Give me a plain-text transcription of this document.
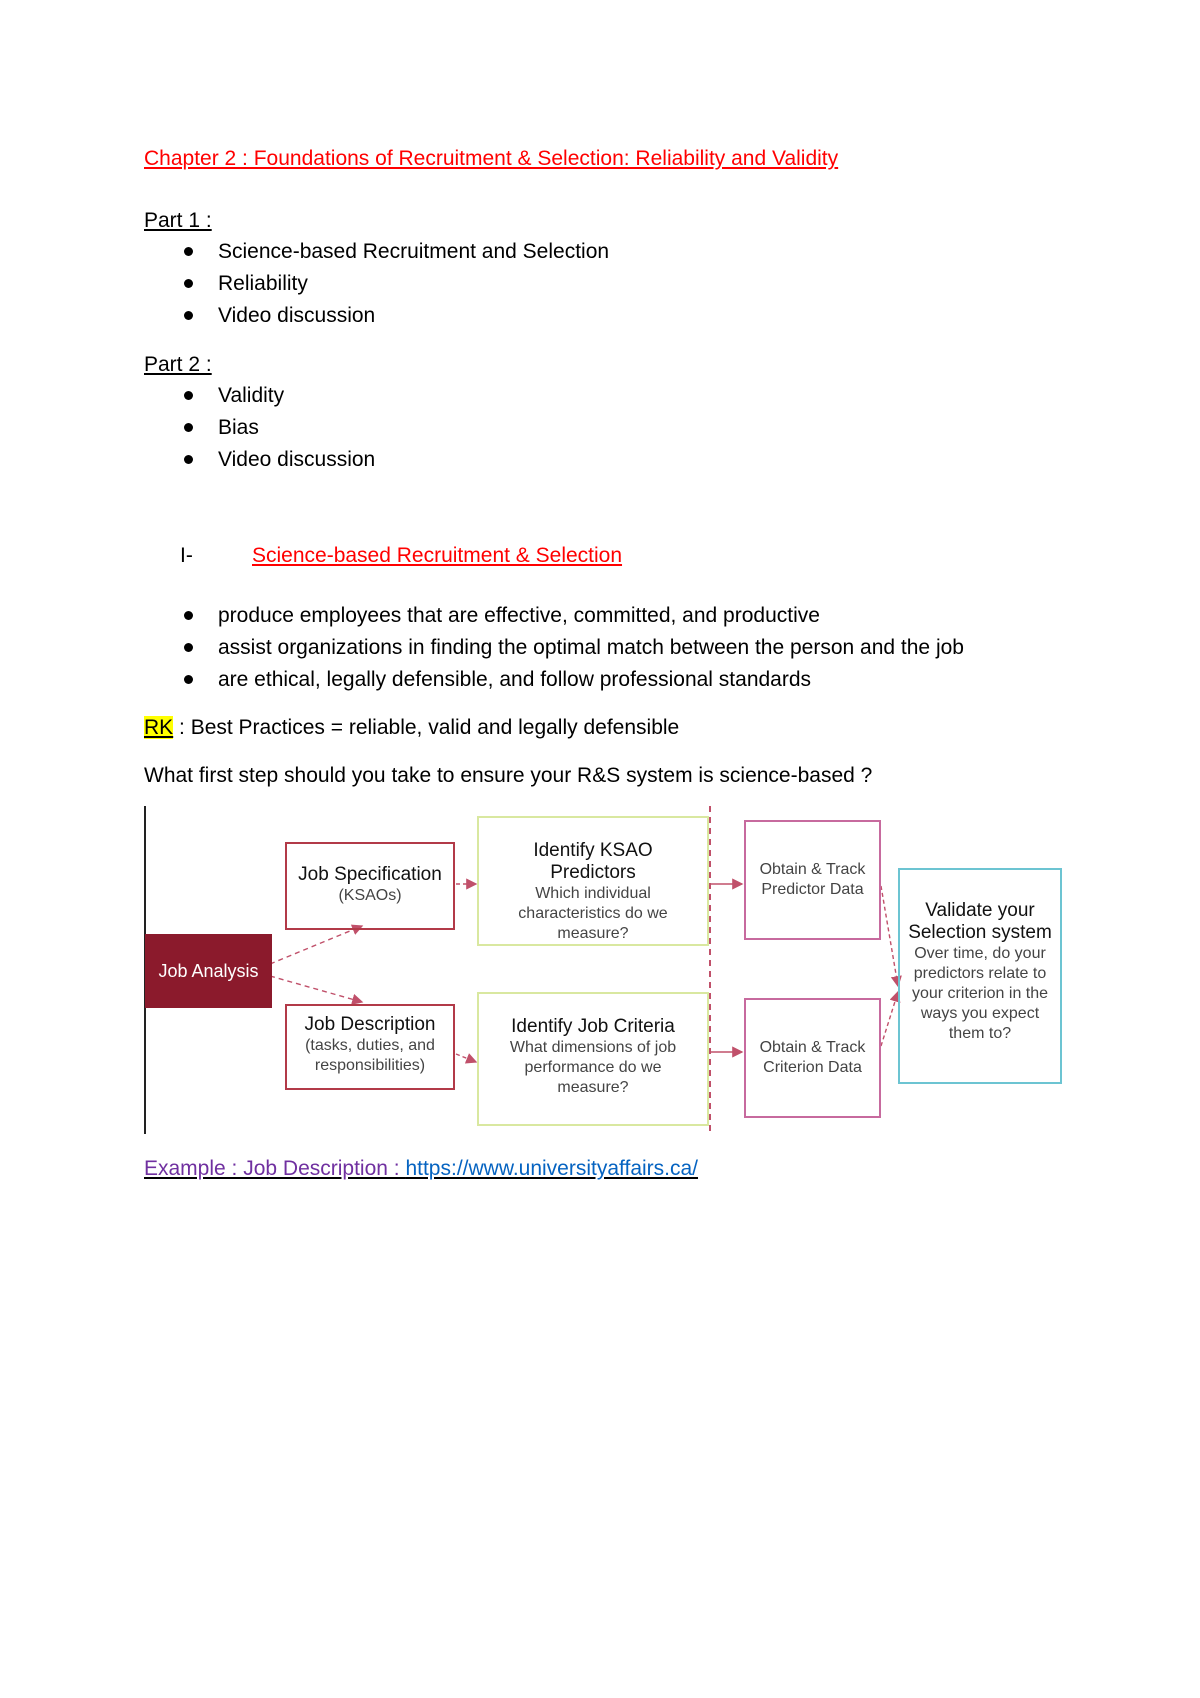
Chapter 2 : Foundations of Recruitment & Selection: Reliability and Validity
Part 1 :
Science-based Recruitment and Selection
Reliability
Video discussion
Part 2 :
Validity
Bias
Video discussion
I-	Science-based Recruitment & Selection
produce employees that are effective, committed, and productive
assist organizations in finding the optimal match between the person and the job
are ethical, legally defensible, and follow professional standards
RK : Best Practices = reliable, valid and legally defensible
What first step should you take to ensure your R&S system is science-based ?
Job Analysis
Job Specification
(KSAOs)
Job Description
(tasks, duties, and responsibilities)
Identify KSAO Predictors
Which individual characteristics do we measure?
Identify Job Criteria
What dimensions of job performance do we measure?
Obtain & Track Predictor Data
Obtain & Track Criterion Data
Validate your Selection system
Over time, do your predictors relate to your criterion in the ways you expect them to?
Example : Job Description : https://www.universityaffairs.ca/
